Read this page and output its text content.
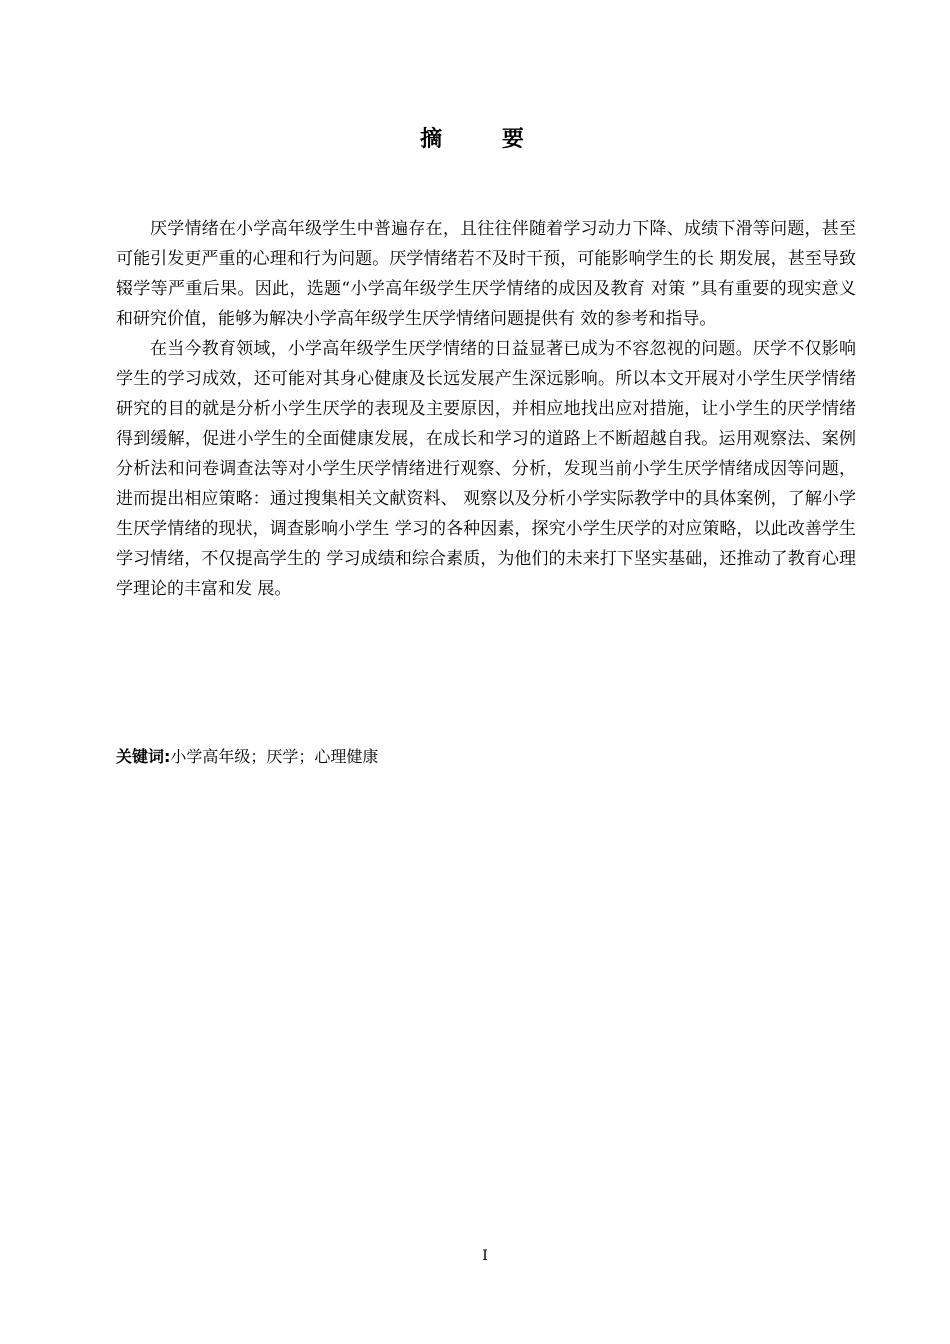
摘 要

厌学情绪在小学高年级学生中普遍存在，且往往伴随着学习动力下降、成绩下滑等问题，甚至可能引发更严重的心理和行为问题。厌学情绪若不及时干预，可能影响学生的长 期发展，甚至导致辍学等严重后果。因此，选题“小学高年级学生厌学情绪的成因及教育 对策 ”具有重要的现实意义和研究价值，能够为解决小学高年级学生厌学情绪问题提供有 效的参考和指导。

在当今教育领域，小学高年级学生厌学情绪的日益显著已成为不容忽视的问题。厌学不仅影响学生的学习成效，还可能对其身心健康及长远发展产生深远影响。所以本文开展对小学生厌学情绪研究的目的就是分析小学生厌学的表现及主要原因，并相应地找出应对措施，让小学生的厌学情绪得到缓解，促进小学生的全面健康发展，在成长和学习的道路上不断超越自我。运用观察法、案例分析法和问卷调查法等对小学生厌学情绪进行观察、分析，发现当前小学生厌学情绪成因等问题，进而提出相应策略：通过搜集相关文献资料、 观察以及分析小学实际教学中的具体案例，了解小学生厌学情绪的现状，调查影响小学生 学习的各种因素，探究小学生厌学的对应策略，以此改善学生学习情绪，不仅提高学生的 学习成绩和综合素质，为他们的未来打下坚实基础，还推动了教育心理学理论的丰富和发 展。

关键词:小学高年级；厌学；心理健康
I
